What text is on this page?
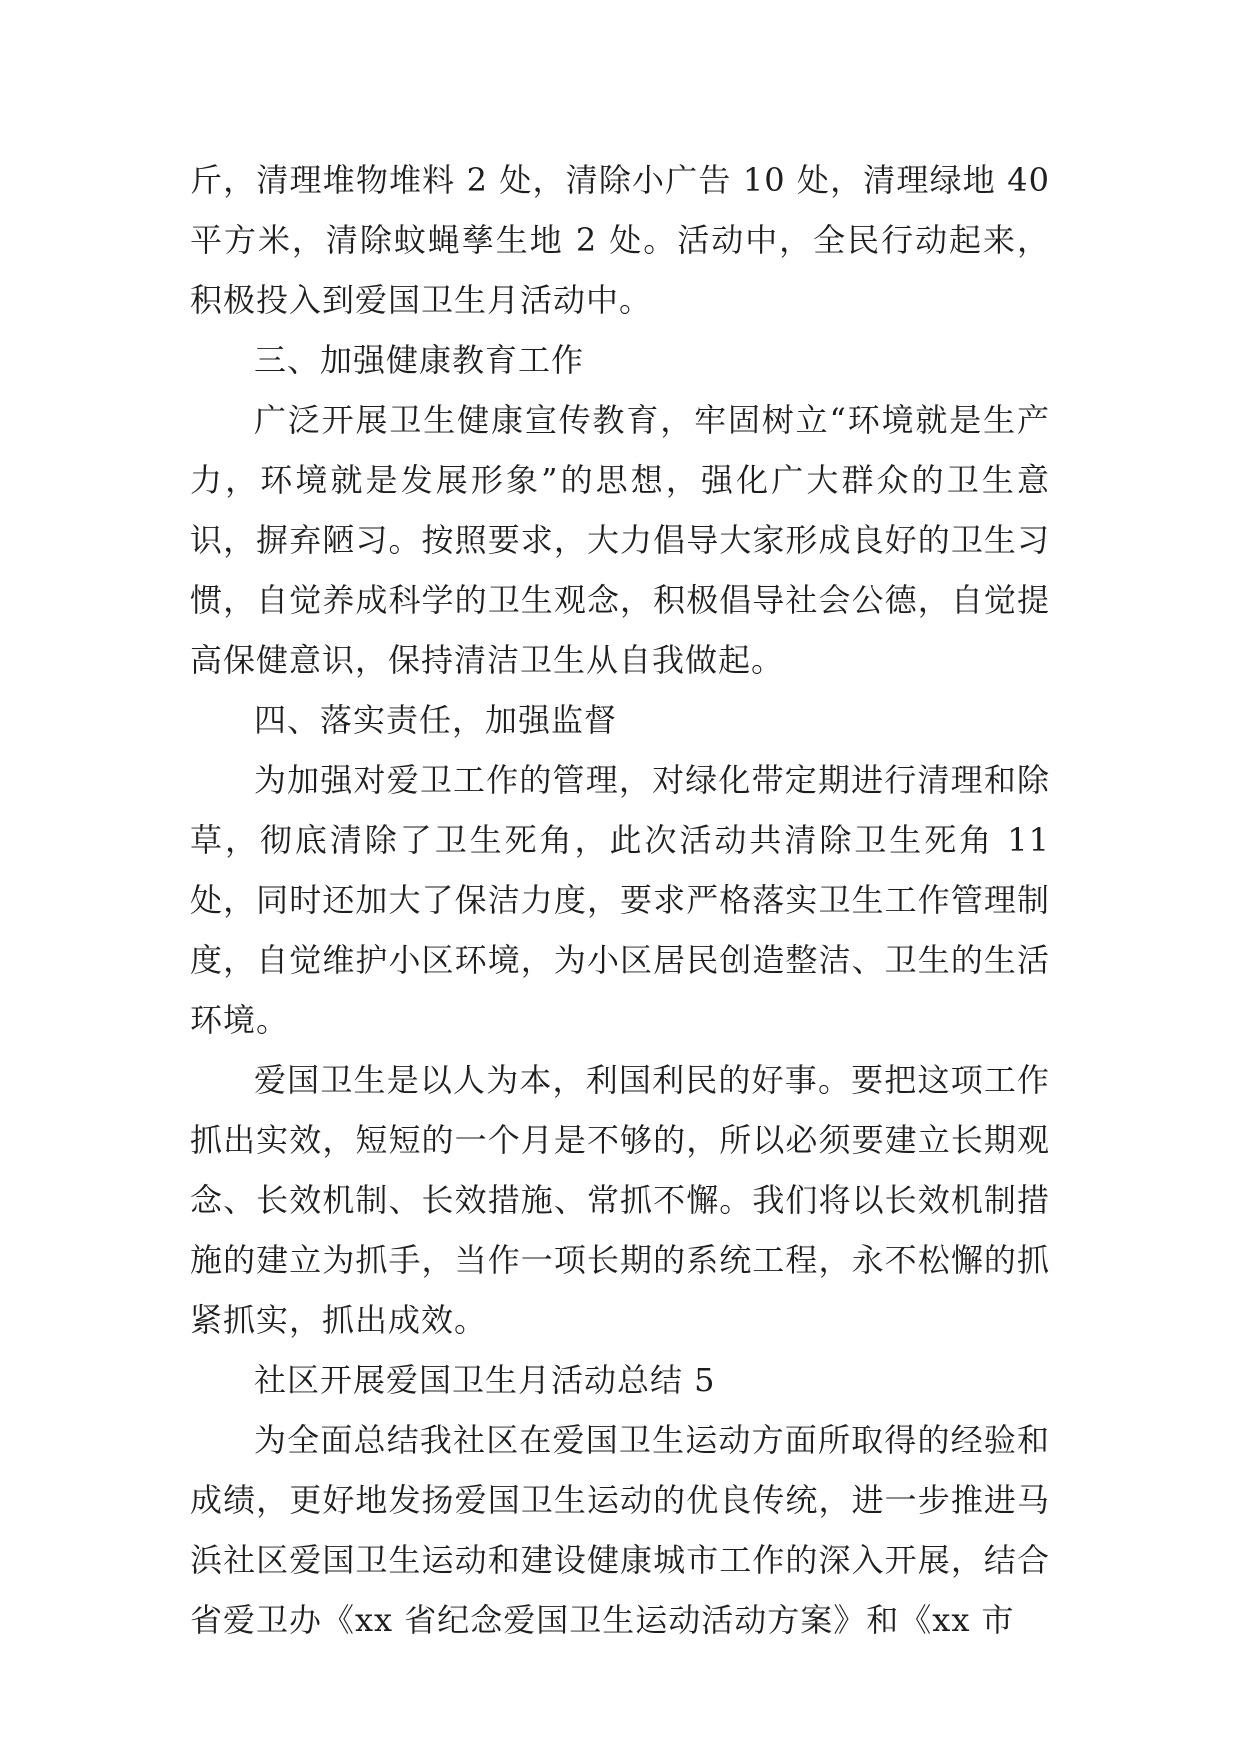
斤，清理堆物堆料 2 处，清除小广告 10 处，清理绿地 40 平方米，清除蚊蝇孳生地 2 处。活动中，全民行动起来，积极投入到爱国卫生月活动中。

三、加强健康教育工作

广泛开展卫生健康宣传教育，牢固树立“环境就是生产力，环境就是发展形象”的思想，强化广大群众的卫生意识，摒弃陋习。按照要求，大力倡导大家形成良好的卫生习惯，自觉养成科学的卫生观念，积极倡导社会公德，自觉提高保健意识，保持清洁卫生从自我做起。

四、落实责任，加强监督

为加强对爱卫工作的管理，对绿化带定期进行清理和除草，彻底清除了卫生死角，此次活动共清除卫生死角 11 处，同时还加大了保洁力度，要求严格落实卫生工作管理制度，自觉维护小区环境，为小区居民创造整洁、卫生的生活环境。

爱国卫生是以人为本，利国利民的好事。要把这项工作抓出实效，短短的一个月是不够的，所以必须要建立长期观念、长效机制、长效措施、常抓不懈。我们将以长效机制措施的建立为抓手，当作一项长期的系统工程，永不松懈的抓紧抓实，抓出成效。

社区开展爱国卫生月活动总结 5

为全面总结我社区在爱国卫生运动方面所取得的经验和成绩，更好地发扬爱国卫生运动的优良传统，进一步推进马浜社区爱国卫生运动和建设健康城市工作的深入开展，结合省爱卫办《xx 省纪念爱国卫生运动活动方案》和《xx 市
